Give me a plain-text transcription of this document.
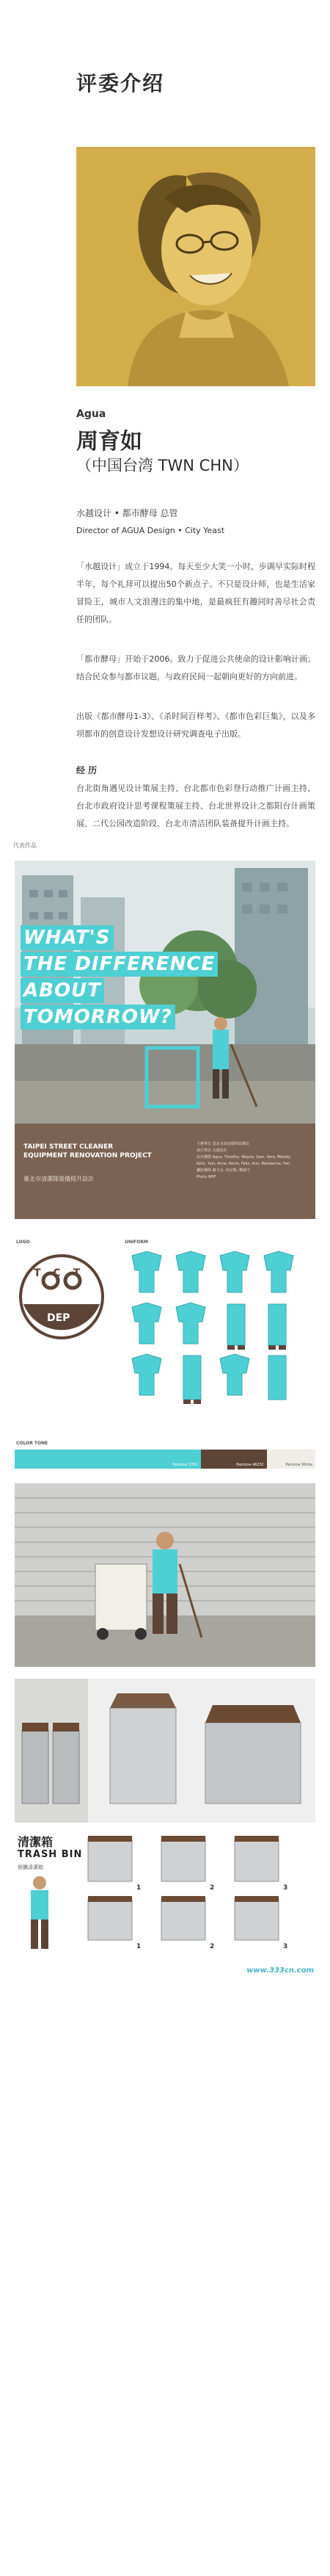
评委介绍
Agua
周育如
（中国台湾 TWN CHN）
水越设计 • 都市酵母 总管
Director of AGUA Design • City Yeast

「水越设计」成立于1994。每天至少大笑一小时，步调早实际时程半年，每个礼拜可以提出50个新点子。不只是设计师，也是生活家冒险王，城市人文浪漫注的集中地，是最疯狂有趣同时善尽社会责任的团队。

「都市酵母」开始于2006。致力于促进公共使命的设计影响计画；结合民众参与都市议题，与政府民间一起朝向更好的方向前进。

出版《都市酵母1-3》、《杀时间百样考》、《都市色彩巨集》，以及多项都市的创意设计发想设计研究调查电子出版。

经 历

台北街角遇见设计策展主持、台北都市色彩登行动推广计画主持、台北市政府设计思考课程策展主持、台北世界设计之都阳台计画策展、二代公园改造阶段、台北市清洁团队装备提升计画主持。

代表作品
WHAT'S
THE DIFFERENCE
ABOUT
TOMORROW?
TAIPEI STREET CLEANER EQUIPMENT RENOVATION PROJECT
臺北市清潔隊裝備提升設計
主辦單位 臺北市政府環境保護局
執行單位 水越設計
設計團隊 Agua, Timothy, Wayne, Sam, Vera, Melody,
Kelly, Yuki, Anne, Kevin, Felix, Ann, Mandarine, Fen
攝影團隊 蘇文良, 林宗敬, 鄭鴻宇
Photo WIIF
LOGO	UNIFORM
T C T
DEP
COLOR TONE
Pantone 325C	Pantone 4625C	Pantone White
清潔箱
TRASH BIN
便攜清潔箱
1	2	3
1	2	3
www.333cn.com
